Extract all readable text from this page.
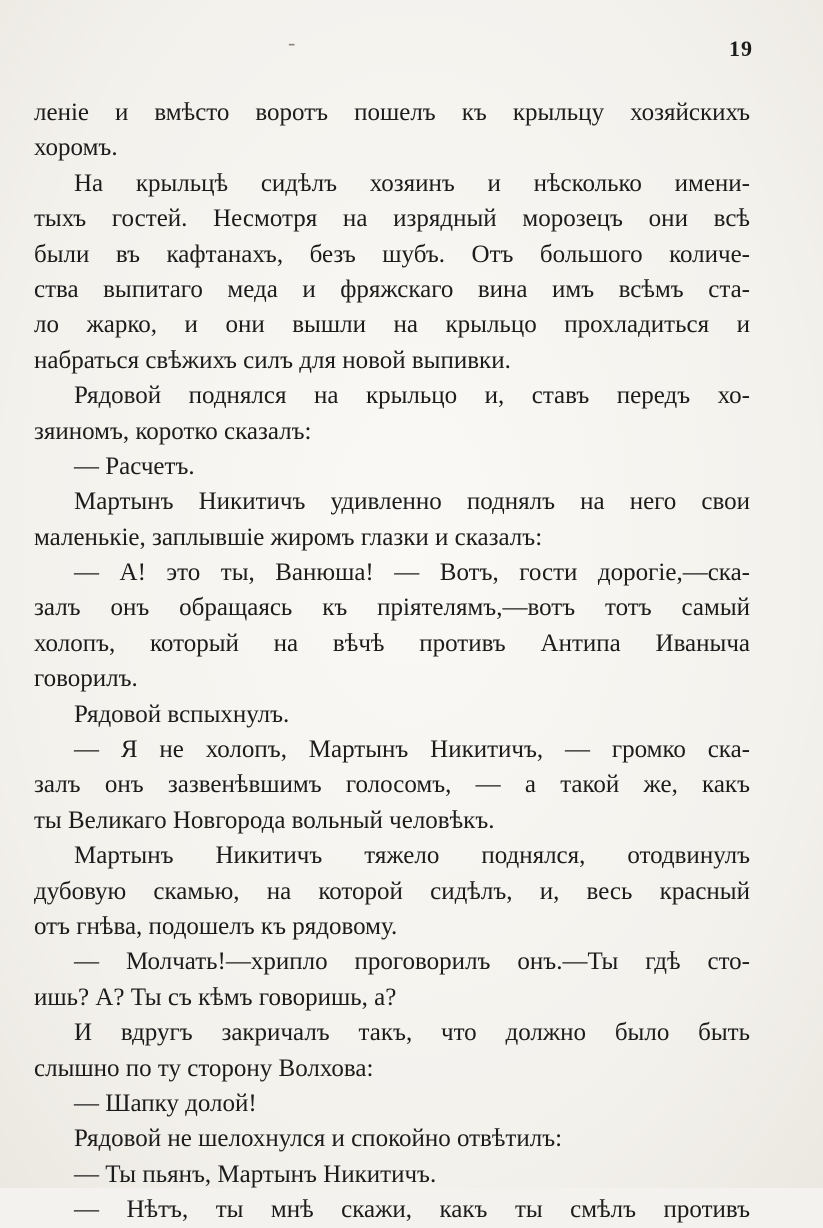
-	19
леніе и вмѣсто воротъ пошелъ къ крыльцу хозяйскихъ
хоромъ.
На крыльцѣ сидѣлъ хозяинъ и нѣсколько имени-
тыхъ гостей. Несмотря на изрядный морозецъ они всѣ
были въ кафтанахъ, безъ шубъ. Отъ большого количе-
ства выпитаго меда и фряжскаго вина имъ всѣмъ ста-
ло жарко, и они вышли на крыльцо прохладиться и
набраться свѣжихъ силъ для новой выпивки.
Рядовой поднялся на крыльцо и, ставъ передъ хо-
зяиномъ, коротко сказалъ:
— Расчетъ.
Мартынъ Никитичъ удивленно поднялъ на него свои
маленькіе, заплывшіе жиромъ глазки и сказалъ:
— А! это ты, Ванюша! — Вотъ, гости дорогіе,—ска-
залъ онъ обращаясь къ пріятелямъ,—вотъ тотъ самый
холопъ, который на вѣчѣ противъ Антипа Иваныча
говорилъ.
Рядовой вспыхнулъ.
— Я не холопъ, Мартынъ Никитичъ, — громко ска-
залъ онъ зазвенѣвшимъ голосомъ, — а такой же, какъ
ты Великаго Новгорода вольный человѣкъ.
Мартынъ Никитичъ тяжело поднялся, отодвинулъ
дубовую скамью, на которой сидѣлъ, и, весь красный
отъ гнѣва, подошелъ къ рядовому.
— Молчать!—хрипло проговорилъ онъ.—Ты гдѣ сто-
ишь? А? Ты съ кѣмъ говоришь, а?
И вдругъ закричалъ такъ, что должно было быть
слышно по ту сторону Волхова:
— Шапку долой!
Рядовой не шелохнулся и спокойно отвѣтилъ:
— Ты пьянъ, Мартынъ Никитичъ.
— Нѣтъ, ты мнѣ скажи, какъ ты смѣлъ противъ
